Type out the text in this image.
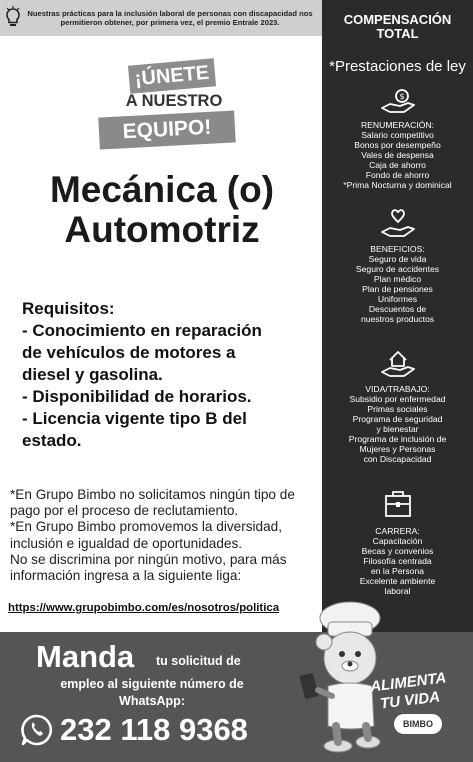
Nuestras prácticas para la inclusión laboral de personas con discapacidad nos permitieron obtener, por primera vez, el premio Entrale 2023.
¡ÚNETE
A NUESTRO
EQUIPO!
Mecánica (o)
Automotriz
Requisitos:
- Conocimiento en reparación
de vehículos de motores a
diesel y gasolina.
- Disponibilidad de horarios.
- Licencia vigente tipo B del
estado.

*En Grupo Bimbo no solicitamos ningún tipo de

pago por el proceso de reclutamiento.

*En Grupo Bimbo promovemos la diversidad,

inclusión e igualdad de oportunidades.

No se discrimina por ningún motivo, para más

información ingresa a la siguiente liga:

https://www.grupobimbo.com/es/nosotros/politica
COMPENSACIÓN
TOTAL
*Prestaciones de ley
$
RENUMERACIÓN:
Salario competitivo
Bonos por desempeño
Vales de despensa
Caja de ahorro
Fondo de ahorro
*Prima Nocturna y dominical
BENEFICIOS:
Seguro de vida
Seguro de accidentes
Plan médico
Plan de pensiones
Uniformes
Descuentos de
nuestros productos
VIDA/TRABAJO:
Subsidio por enfermedad
Primas sociales
Programa de seguridad
y bienestar
Programa de inclusión de
Mujeres y Personas
con Discapacidad
CARRERA:
Capacitación
Becas y convenios
Filosofía centrada
en la Persona
Excelente ambiente
laboral
Manda tu solicitud de
empleo al siguiente número de
WhatsApp:
232 118 9368
ALIMENTA
TU VIDA
BIMBO
